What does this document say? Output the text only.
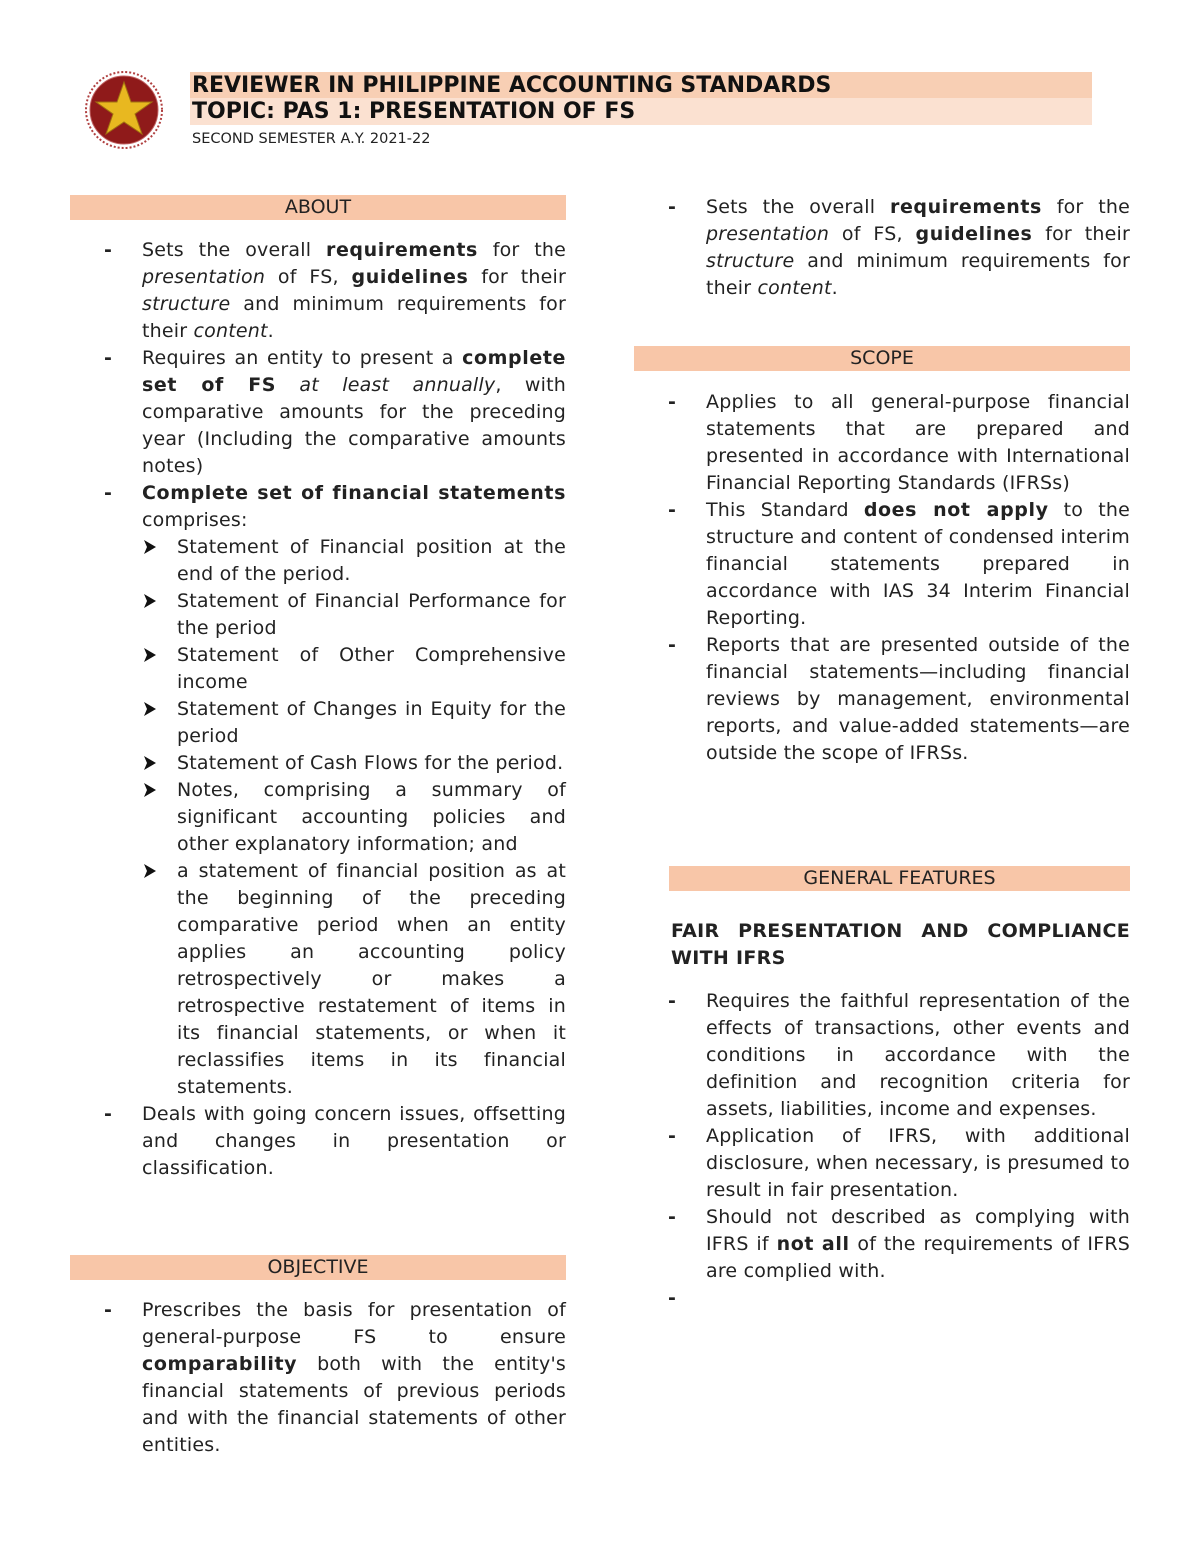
REVIEWER IN PHILIPPINE ACCOUNTING STANDARDS
TOPIC: PAS 1: PRESENTATION OF FS
SECOND SEMESTER A.Y. 2021-22
ABOUT
- Sets the overall requirements for the presentation of FS, guidelines for their structure and minimum requirements for their content.
- Requires an entity to present a complete set of FS at least annually, with comparative amounts for the preceding year (Including the comparative amounts notes)
- Complete set of financial statements comprises:
Statement of Financial position at the end of the period.
Statement of Financial Performance for the period
Statement of Other Comprehensive income
Statement of Changes in Equity for the period
Statement of Cash Flows for the period.
Notes, comprising a summary of significant accounting policies and other explanatory information; and
a statement of financial position as at the beginning of the preceding comparative period when an entity applies an accounting policy retrospectively or makes a retrospective restatement of items in its financial statements, or when it reclassifies items in its financial statements.
- Deals with going concern issues, offsetting and changes in presentation or classification.
OBJECTIVE
- Prescribes the basis for presentation of general-purpose FS to ensure comparability both with the entity's financial statements of previous periods and with the financial statements of other entities.
- Sets the overall requirements for the presentation of FS, guidelines for their structure and minimum requirements for their content.
SCOPE
- Applies to all general-purpose financial statements that are prepared and presented in accordance with International Financial Reporting Standards (IFRSs)
- This Standard does not apply to the structure and content of condensed interim financial statements prepared in accordance with IAS 34 Interim Financial Reporting.
- Reports that are presented outside of the financial statements—including financial reviews by management, environmental reports, and value-added statements—are outside the scope of IFRSs.
GENERAL FEATURES
FAIR PRESENTATION AND COMPLIANCE WITH IFRS
- Requires the faithful representation of the effects of transactions, other events and conditions in accordance with the definition and recognition criteria for assets, liabilities, income and expenses.
- Application of IFRS, with additional disclosure, when necessary, is presumed to result in fair presentation.
- Should not described as complying with IFRS if not all of the requirements of IFRS are complied with.
-
